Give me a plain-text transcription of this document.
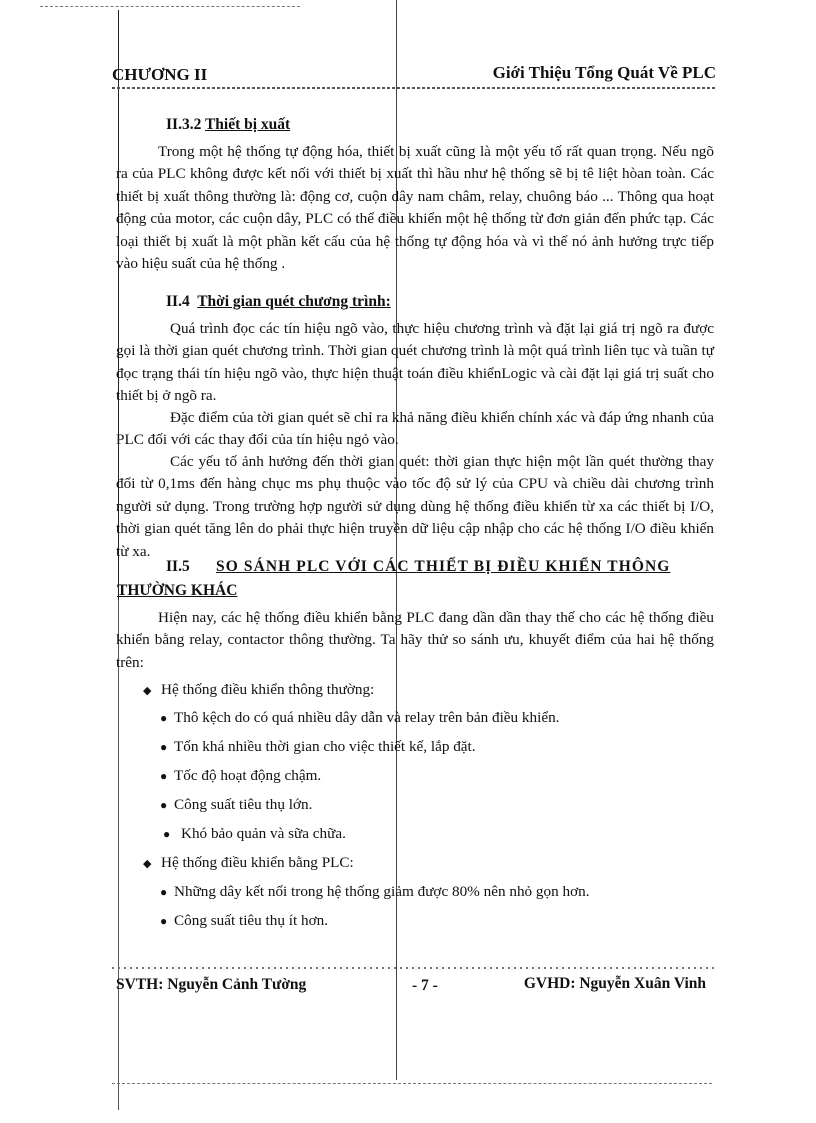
CHƯƠNG II	Giới Thiệu Tổng Quát Về PLC
II.3.2 Thiết bị xuất
Trong một hệ thống tự động hóa, thiết bị xuất cũng là một yếu tố rất quan trọng. Nếu ngõ ra của PLC không được kết nối với thiết bị xuất thì hầu như hệ thống sẽ bị tê liệt hòan toàn. Các thiết bị xuất thông thường là: động cơ, cuộn dây nam châm, relay, chuông báo ... Thông qua hoạt động của motor, các cuộn dây, PLC có thể điều khiển một hệ thống từ đơn giản đến phức tạp. Các loại thiết bị xuất là một phần kết cấu của hệ thống tự động hóa và vì thế nó ảnh hưởng trực tiếp vào hiệu suất của hệ thống .
II.4 Thời gian quét chương trình:
Quá trình đọc các tín hiệu ngõ vào, thực hiệu chương trình và đặt lại giá trị ngõ ra được gọi là thời gian quét chương trình. Thời gian quét chương trình là một quá trình liên tục và tuần tự đọc trạng thái tín hiệu ngõ vào, thực hiện thuật toán điều khiểnLogic và cài đặt lại giá trị suất cho thiết bị ở ngõ ra.
Đặc điểm của tời gian quét sẽ chỉ ra khả năng điều khiển chính xác và đáp ứng nhanh của PLC đối với các thay đổi của tín hiệu ngỏ vào.
Các yếu tố ảnh hưởng đến thời gian quét: thời gian thực hiện một lần quét thường thay đổi từ 0,1ms đến hàng chục ms phụ thuộc vào tốc độ sử lý của CPU và chiều dài chương trình người sử dụng. Trong trường hợp người sử dụng dùng hệ thống điều khiển từ xa các thiết bị I/O, thời gian quét tăng lên do phải thực hiện truyền dữ liệu cập nhập cho các hệ thống I/O điều khiển từ xa.
II.5 SO SÁNH PLC VỚI CÁC THIẾT BỊ ĐIỀU KHIỂN THÔNG
THƯỜNG KHÁC
Hiện nay, các hệ thống điều khiển bằng PLC đang dần dần thay thế cho các hệ thống điều khiển bằng relay, contactor thông thường. Ta hãy thử so sánh ưu, khuyết điểm của hai hệ thống trên:
◆ Hệ thống điều khiển thông thường:
● Thô kệch do có quá nhiều dây dẫn và relay trên bản điều khiển.
● Tốn khá nhiều thời gian cho việc thiết kế, lắp đặt.
● Tốc độ hoạt động chậm.
● Công suất tiêu thụ lớn.
● Khó bảo quản và sữa chữa.
◆ Hệ thống điều khiển bằng PLC:
● Những dây kết nối trong hệ thống giảm được 80% nên nhỏ gọn hơn.
● Công suất tiêu thụ ít hơn.
SVTH: Nguyễn Cảnh Tường	- 7 -	GVHD: Nguyễn Xuân Vinh
